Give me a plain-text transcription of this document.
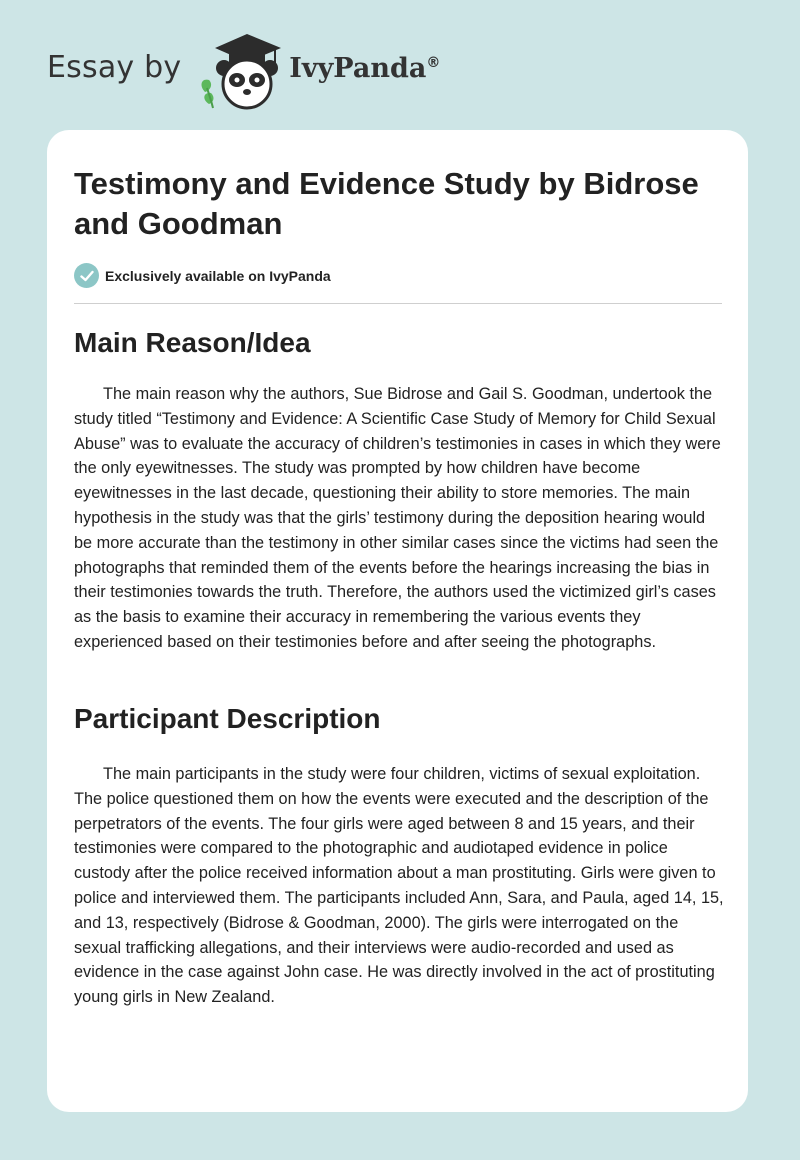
Essay by	IvyPanda®
Testimony and Evidence Study by Bidrose and Goodman
Exclusively available on IvyPanda
Main Reason/Idea

The main reason why the authors, Sue Bidrose and Gail S. Goodman, undertook the study titled “Testimony and Evidence: A Scientific Case Study of Memory for Child Sexual Abuse” was to evaluate the accuracy of children’s testimonies in cases in which they were the only eyewitnesses. The study was prompted by how children have become eyewitnesses in the last decade, questioning their ability to store memories. The main hypothesis in the study was that the girls’ testimony during the deposition hearing would be more accurate than the testimony in other similar cases since the victims had seen the photographs that reminded them of the events before the hearings increasing the bias in their testimonies towards the truth. Therefore, the authors used the victimized girl’s cases as the basis to examine their accuracy in remembering the various events they experienced based on their testimonies before and after seeing the photographs.

Participant Description

The main participants in the study were four children, victims of sexual exploitation. The police questioned them on how the events were executed and the description of the perpetrators of the events. The four girls were aged between 8 and 15 years, and their testimonies were compared to the photographic and audiotaped evidence in police custody after the police received information about a man prostituting. Girls were given to police and interviewed them. The participants included Ann, Sara, and Paula, aged 14, 15, and 13, respectively (Bidrose & Goodman, 2000). The girls were interrogated on the sexual trafficking allegations, and their interviews were audio-recorded and used as evidence in the case against John case. He was directly involved in the act of prostituting young girls in New Zealand.
